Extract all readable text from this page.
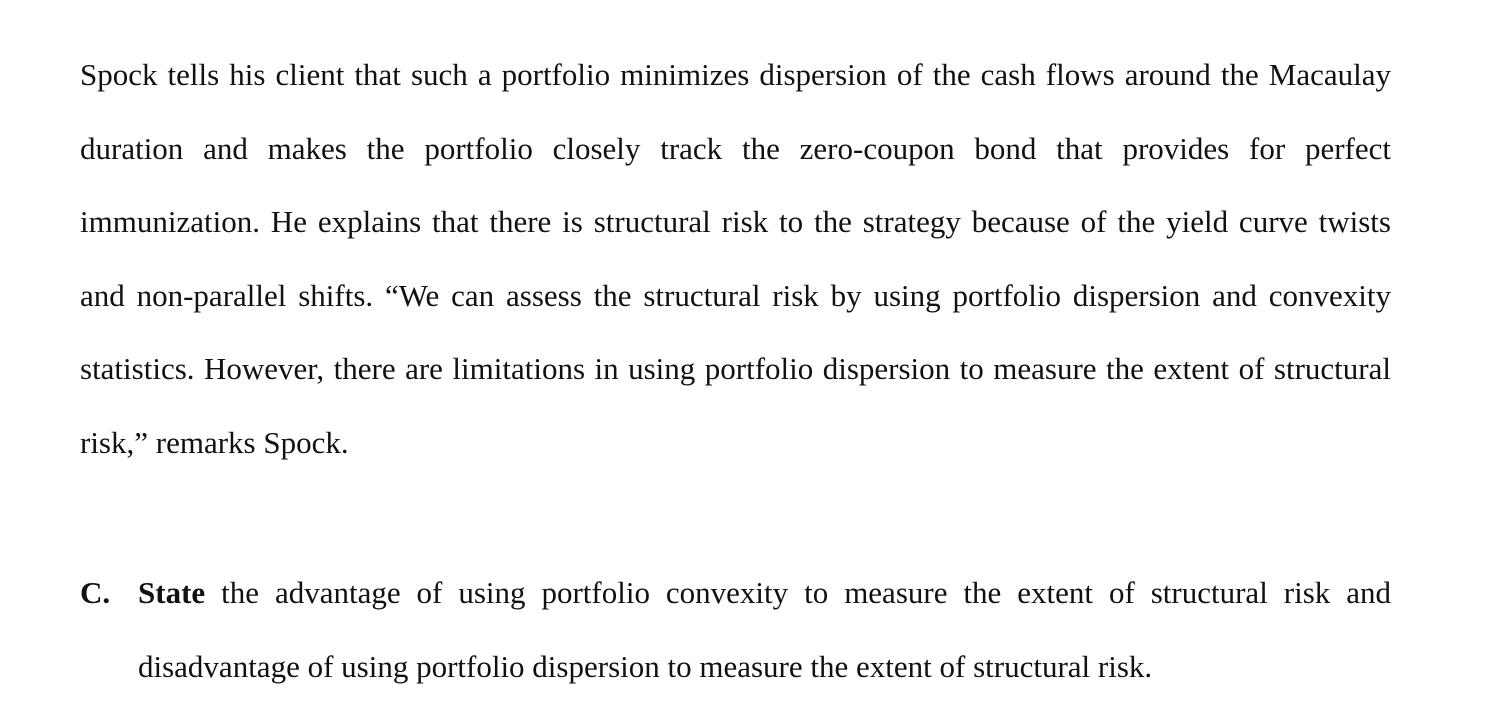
Spock tells his client that such a portfolio minimizes dispersion of the cash flows around the Macaulay duration and makes the portfolio closely track the zero-coupon bond that provides for perfect immunization. He explains that there is structural risk to the strategy because of the yield curve twists and non-parallel shifts. “We can assess the structural risk by using portfolio dispersion and convexity statistics. However, there are limitations in using portfolio dispersion to measure the extent of structural risk,” remarks Spock.

C. State the advantage of using portfolio convexity to measure the extent of structural risk and disadvantage of using portfolio dispersion to measure the extent of structural risk.
